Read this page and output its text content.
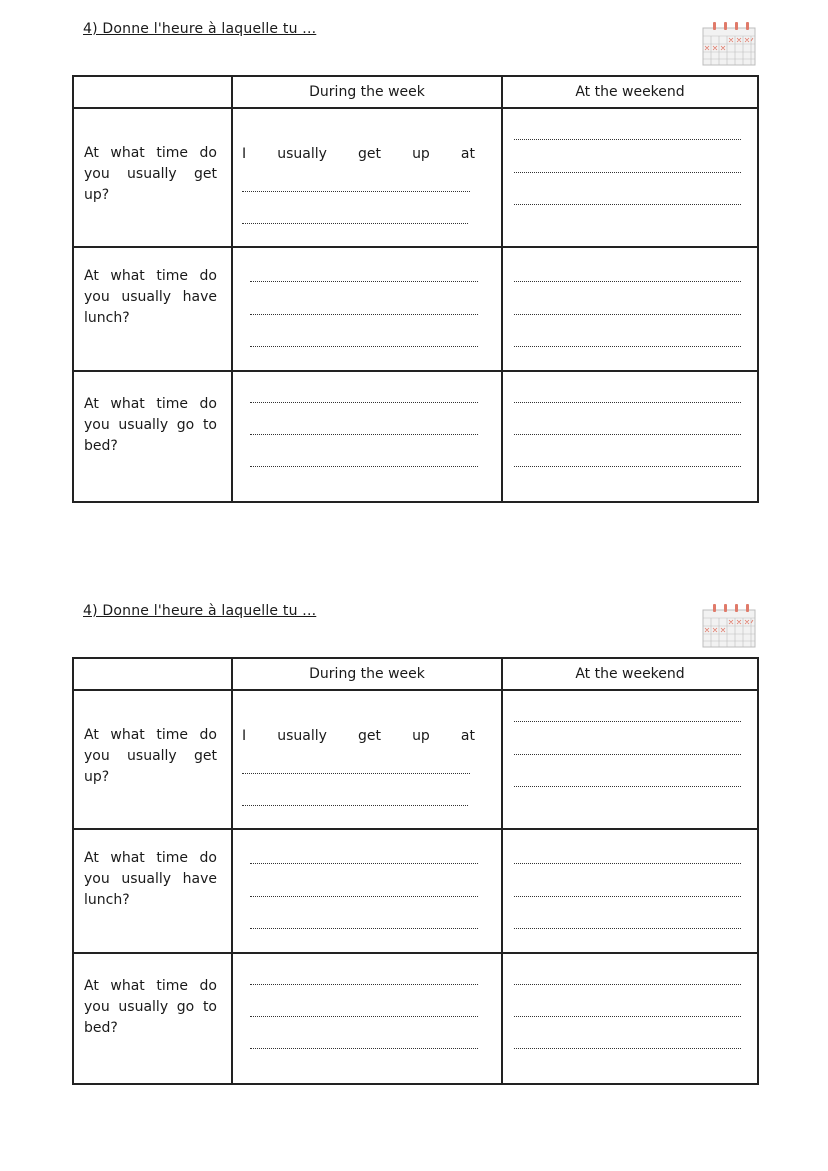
4) Donne l'heure à laquelle tu ...
	During the week	At the weekend
At what time do you usually get up?	I usually get up at	

At what time do you usually have lunch?	

At what time do you usually go to bed?	

4) Donne l'heure à laquelle tu ...
	During the week	At the weekend
At what time do you usually get up?	I usually get up at	

At what time do you usually have lunch?	

At what time do you usually go to bed?	
